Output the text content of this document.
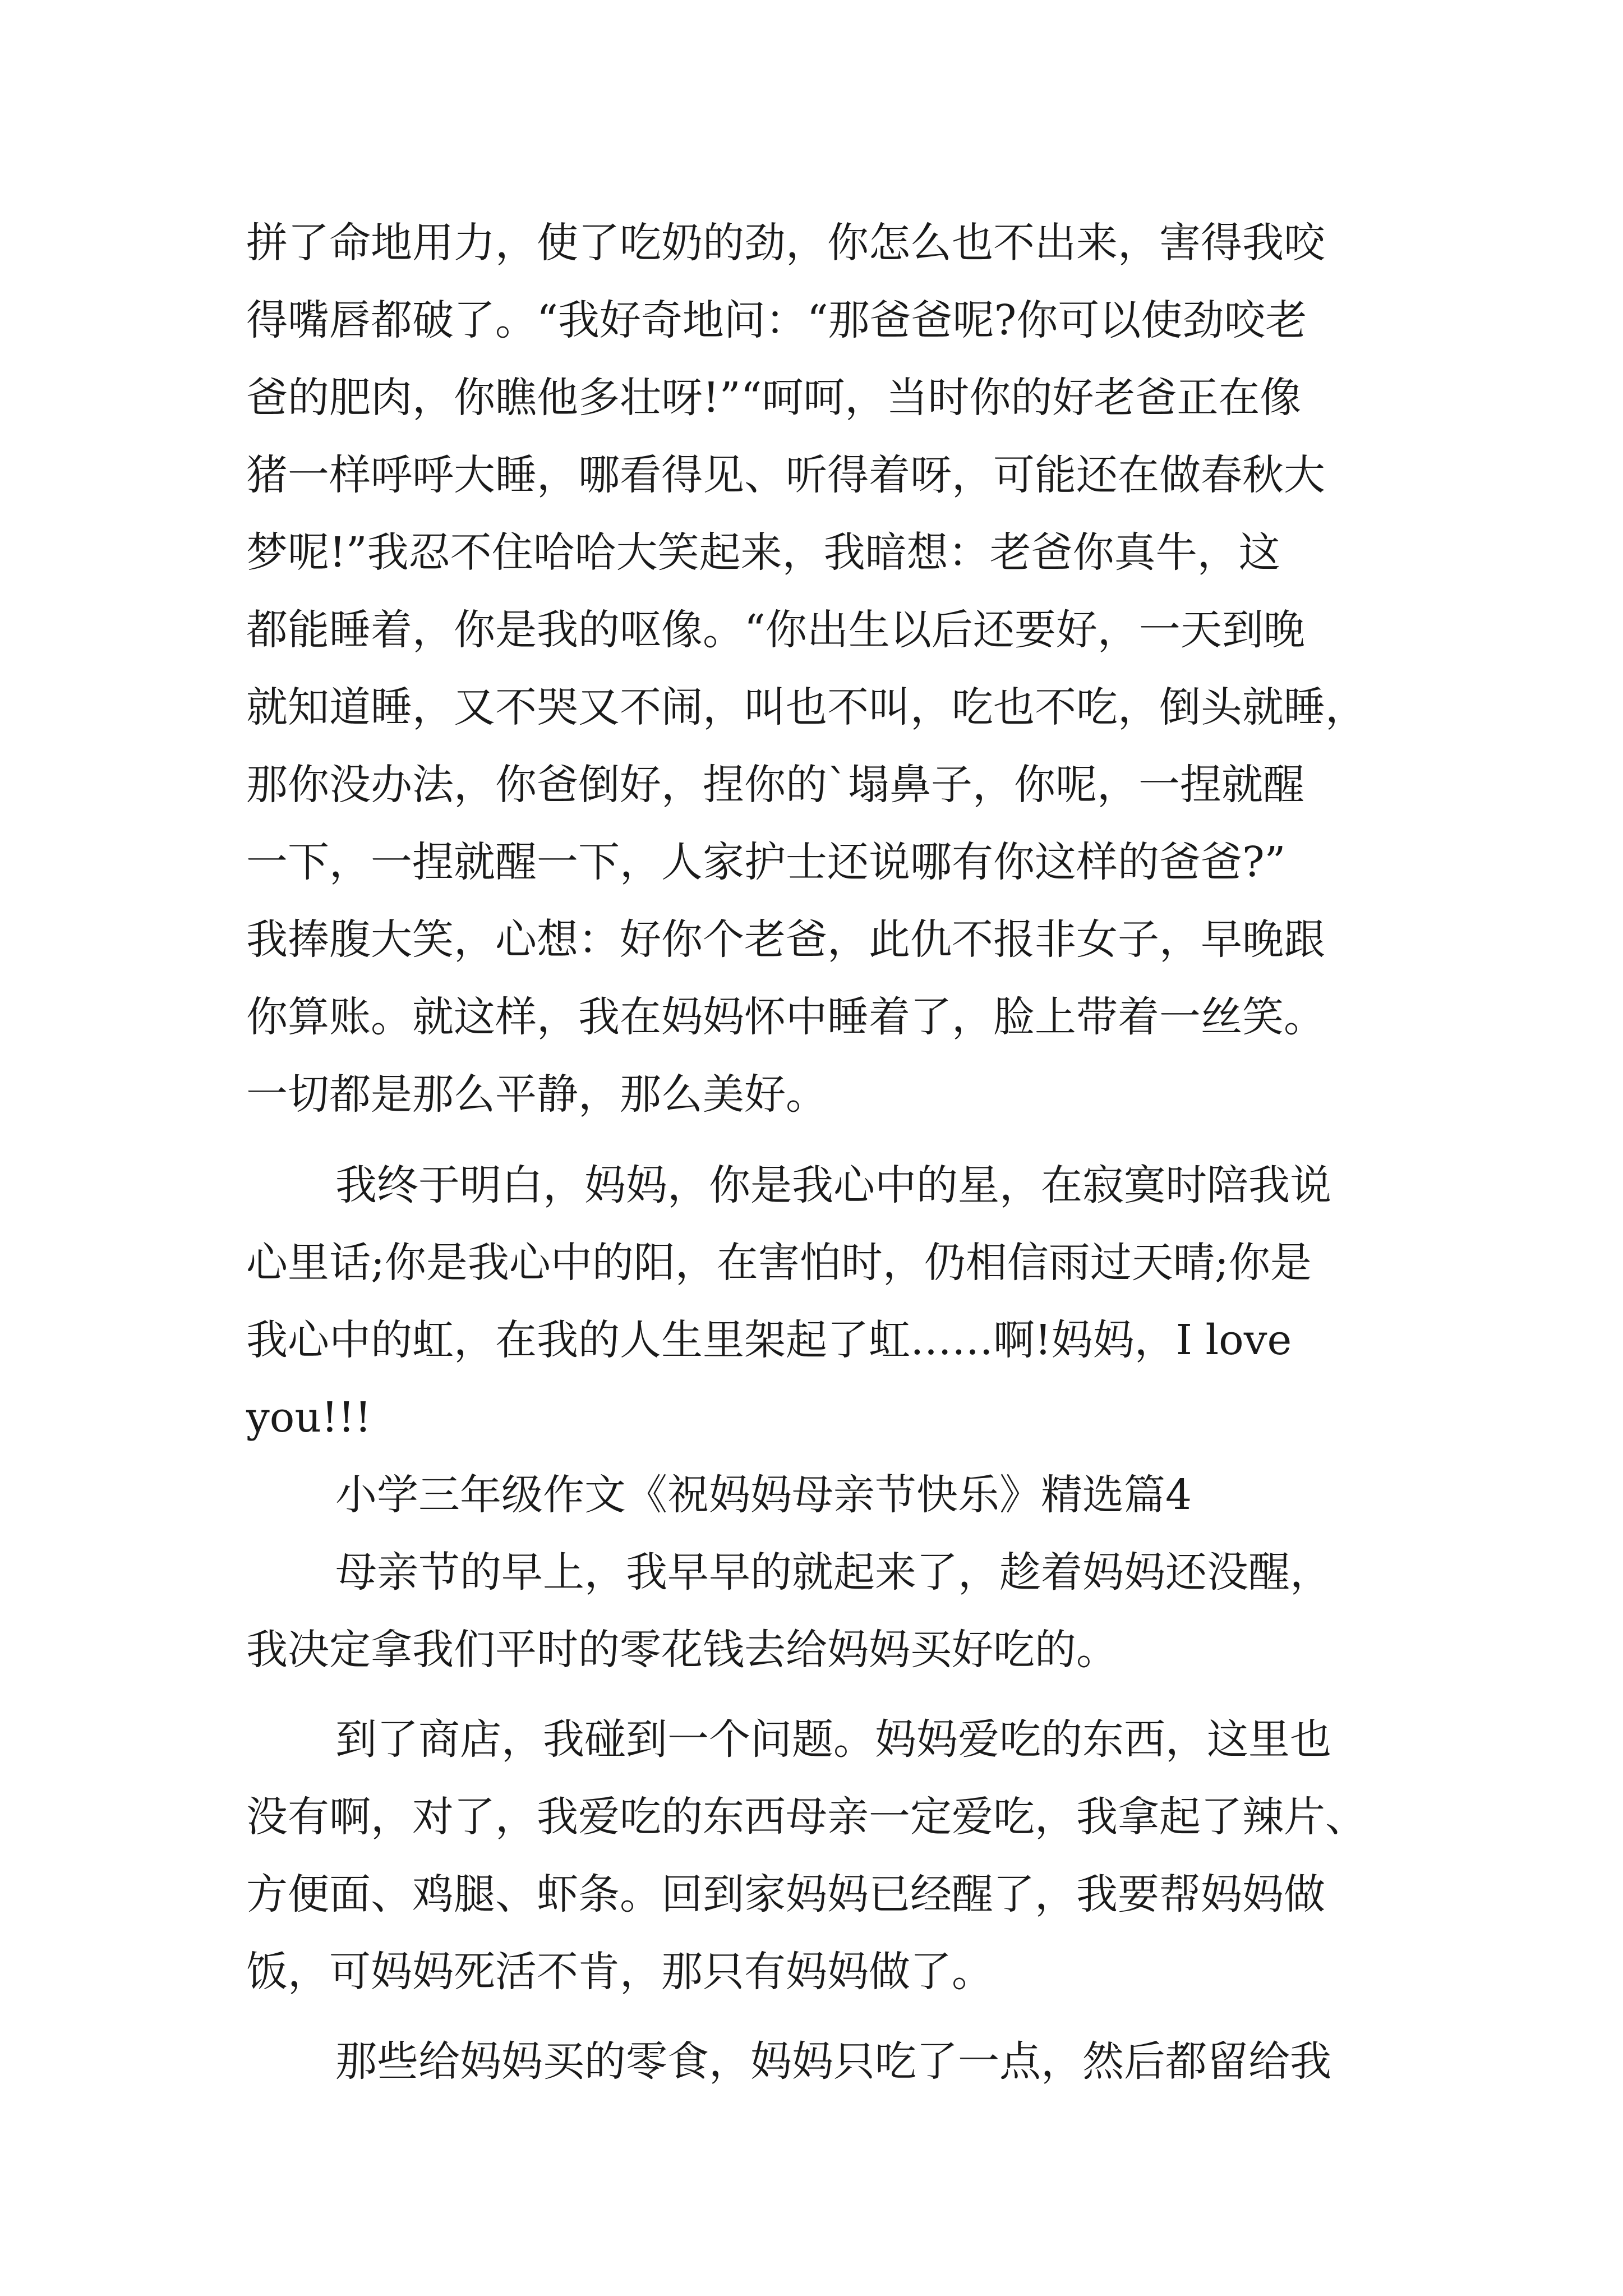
拼了命地用力，使了吃奶的劲，你怎么也不出来，害得我咬
得嘴唇都破了。“我好奇地问：“那爸爸呢?你可以使劲咬老
爸的肥肉，你瞧他多壮呀!”“呵呵，当时你的好老爸正在像
猪一样呼呼大睡，哪看得见、听得着呀，可能还在做春秋大
梦呢!”我忍不住哈哈大笑起来，我暗想：老爸你真牛，这
都能睡着，你是我的呕像。“你出生以后还要好，一天到晚
就知道睡，又不哭又不闹，叫也不叫，吃也不吃，倒头就睡，
那你没办法，你爸倒好，捏你的`塌鼻子，你呢，一捏就醒
一下，一捏就醒一下，人家护士还说哪有你这样的爸爸?”
我捧腹大笑，心想：好你个老爸，此仇不报非女子，早晚跟
你算账。就这样，我在妈妈怀中睡着了，脸上带着一丝笑。
一切都是那么平静，那么美好。
我终于明白，妈妈，你是我心中的星，在寂寞时陪我说
心里话;你是我心中的阳，在害怕时，仍相信雨过天晴;你是
我心中的虹，在我的人生里架起了虹……啊!妈妈，I love
you!!!
小学三年级作文《祝妈妈母亲节快乐》精选篇4
母亲节的早上，我早早的就起来了，趁着妈妈还没醒，
我决定拿我们平时的零花钱去给妈妈买好吃的。
到了商店，我碰到一个问题。妈妈爱吃的东西，这里也
没有啊，对了，我爱吃的东西母亲一定爱吃，我拿起了辣片、
方便面、鸡腿、虾条。回到家妈妈已经醒了，我要帮妈妈做
饭，可妈妈死活不肯，那只有妈妈做了。
那些给妈妈买的零食，妈妈只吃了一点，然后都留给我
